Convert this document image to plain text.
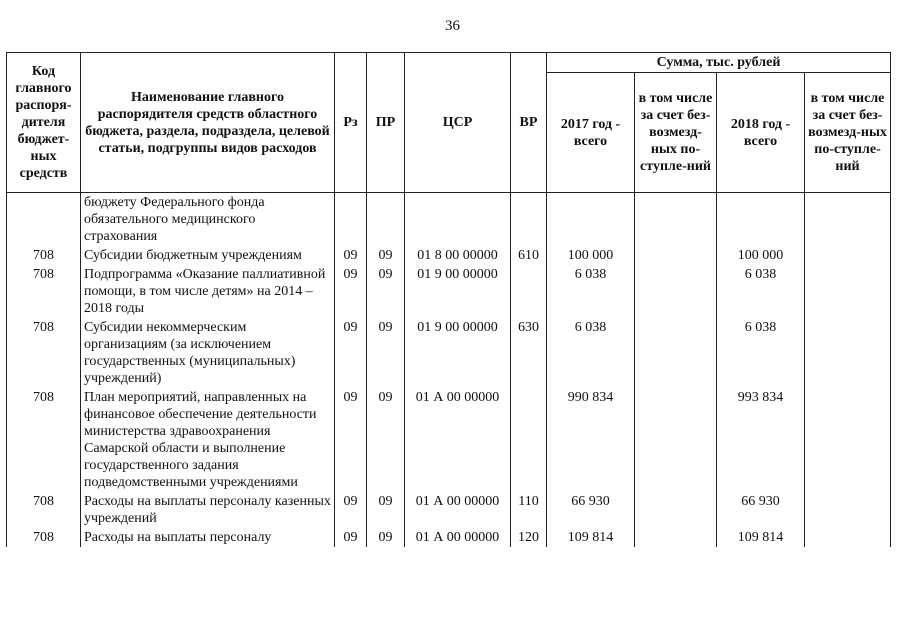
36
Код главного распоря-дителя бюджет-ных средств	Наименование главного распорядителя средств областного бюджета, раздела, подраздела, целевой статьи, подгруппы видов расходов	Рз	ПР	ЦСР	ВР	Сумма, тыс. рублей			
						2017 год - всего	в том числе за счет без-возмезд-ных по-ступле-ний	2018 год - всего	в том числе за счет без-возмезд-ных по-ступле-ний
	бюджету Федерального фонда обязательного медицинского страхования								
708	Субсидии бюджетным учреждениям	09	09	01 8 00 00000	610	100 000		100 000	
708	Подпрограмма «Оказание паллиативной помощи, в том числе детям» на 2014 – 2018 годы	09	09	01 9 00 00000		6 038		6 038	
708	Субсидии некоммерческим организациям (за исключением государственных (муниципальных) учреждений)	09	09	01 9 00 00000	630	6 038		6 038	
708	План мероприятий, направленных на финансовое обеспечение деятельности министерства здравоохранения Самарской области и выполнение государственного задания подведомственными учреждениями	09	09	01 А 00 00000		990 834		993 834	
708	Расходы на выплаты персоналу казенных учреждений	09	09	01 А 00 00000	110	66 930		66 930	
708	Расходы на выплаты персоналу	09	09	01 А 00 00000	120	109 814		109 814	
